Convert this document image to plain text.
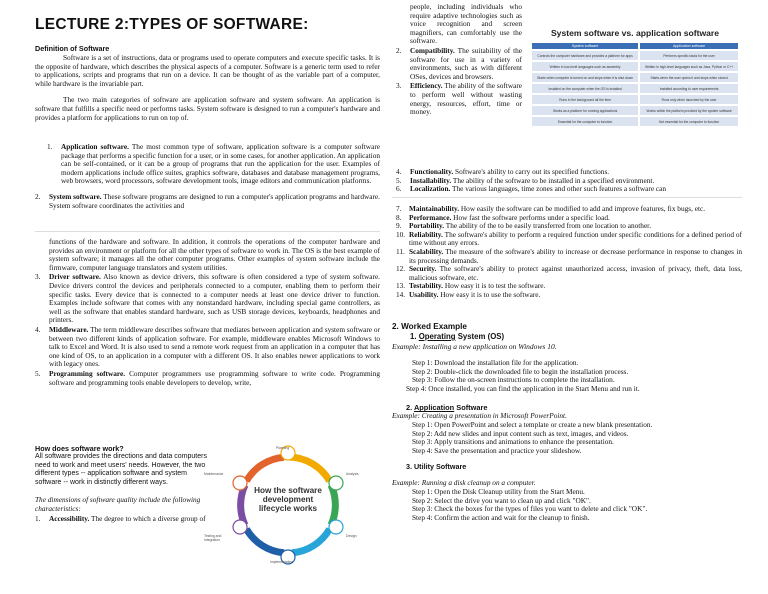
LECTURE 2:TYPES OF SOFTWARE:
Definition of Software

Software is a set of instructions, data or programs used to operate computers and execute specific tasks. It is the opposite of hardware, which describes the physical aspects of a computer. Software is a generic term used to refer to applications, scripts and programs that run on a device. It can be thought of as the variable part of a computer, while hardware is the invariable part.

The two main categories of software are application software and system software. An application is software that fulfills a specific need or performs tasks. System software is designed to run a computer's hardware and provides a platform for applications to run on top of.

1. Application software. The most common type of software, application software is a computer software package that performs a specific function for a user, or in some cases, for another application. An application can be self-contained, or it can be a group of programs that run the application for the user. Examples of modern applications include office suites, graphics software, databases and database management programs, web browsers, word processors, software development tools, image editors and communication platforms.
2. System software. These software programs are designed to run a computer's application programs and hardware. System software coordinates the activities and
functions of the hardware and software. In addition, it controls the operations of the computer hardware and provides an environment or platform for all the other types of software to work in. The OS is the best example of system software; it manages all the other computer programs. Other examples of system software include the firmware, computer language translators and system utilities.
3. Driver software. Also known as device drivers, this software is often considered a type of system software. Device drivers control the devices and peripherals connected to a computer, enabling them to perform their specific tasks. Every device that is connected to a computer needs at least one device driver to function. Examples include software that comes with any nonstandard hardware, including special game controllers, as well as the software that enables standard hardware, such as USB storage devices, keyboards, headphones and printers.
4. Middleware. The term middleware describes software that mediates between application and system software or between two different kinds of application software. For example, middleware enables Microsoft Windows to talk to Excel and Word. It is also used to send a remote work request from an application in a computer that has one kind of OS, to an application in a computer with a different OS. It also enables newer applications to work with legacy ones.
5. Programming software. Computer programmers use programming software to write code. Programming software and programming tools enable developers to develop, write,
How does software work?

All software provides the directions and data computers need to work and meet users' needs. However, the two different types -- application software and system software -- work in distinctly different ways.

The dimensions of software quality include the following characteristics:

1. Accessibility. The degree to which a diverse group of
How the software development lifecycle works
Planning
Analysis
Design
Implementation
Testing and Integration
Maintenance

people, including individuals who require adaptive technologies such as voice recognition and screen magnifiers, can comfortably use the software.

2. Compatibility. The suitability of the software for use in a variety of environments, such as with different OSes, devices and browsers.
3. Efficiency. The ability of the software to perform well without wasting energy, resources, effort, time or money.
4. Functionality. Software's ability to carry out its specified functions.
5. Installability. The ability of the software to be installed in a specified environment.
6. Localization. The various languages, time zones and other such features a software can
System software vs. application software
System software	Application software
Controls the computer hardware and provides a platform for apps	Performs specific tasks for the user
Written in low-level languages such as assembly	Written in high-level languages such as Java, Python or C++
Starts when computer is turned on and stops when it is shut down	Starts when the user opens it and stops when closed
Installed on the computer when the OS is installed	Installed according to user requirements
Runs in the background all the time	Runs only when launched by the user
Works as a platform for running applications	Works within the platform provided by the system software
Essential for the computer to function	Not essential for the computer to function
7. Maintainability. How easily the software can be modified to add and improve features, fix bugs, etc.
8. Performance. How fast the software performs under a specific load.
9. Portability. The ability of the to be easily transferred from one location to another.
10. Reliability. The software's ability to perform a required function under specific conditions for a defined period of time without any errors.
11. Scalability. The measure of the software's ability to increase or decrease performance in response to changes in its processing demands.
12. Security. The software's ability to protect against unauthorized access, invasion of privacy, theft, data loss, malicious software, etc.
13. Testability. How easy it is to test the software.
14. Usability. How easy it is to use the software.
2. Worked Example
1. Operating System (OS)

Example: Installing a new application on Windows 10.

Step 1: Download the installation file for the application.

Step 2: Double-click the downloaded file to begin the installation process.

Step 3: Follow the on-screen instructions to complete the installation.

Step 4: Once installed, you can find the application in the Start Menu and run it.

2. Application Software

Example: Creating a presentation in Microsoft PowerPoint.

Step 1: Open PowerPoint and select a template or create a new blank presentation.

Step 2: Add new slides and input content such as text, images, and videos.

Step 3: Apply transitions and animations to enhance the presentation.

Step 4: Save the presentation and practice your slideshow.

3. Utility Software

Example: Running a disk cleanup on a computer.

Step 1: Open the Disk Cleanup utility from the Start Menu.

Step 2: Select the drive you want to clean up and click "OK".

Step 3: Check the boxes for the types of files you want to delete and click "OK".

Step 4: Confirm the action and wait for the cleanup to finish.
